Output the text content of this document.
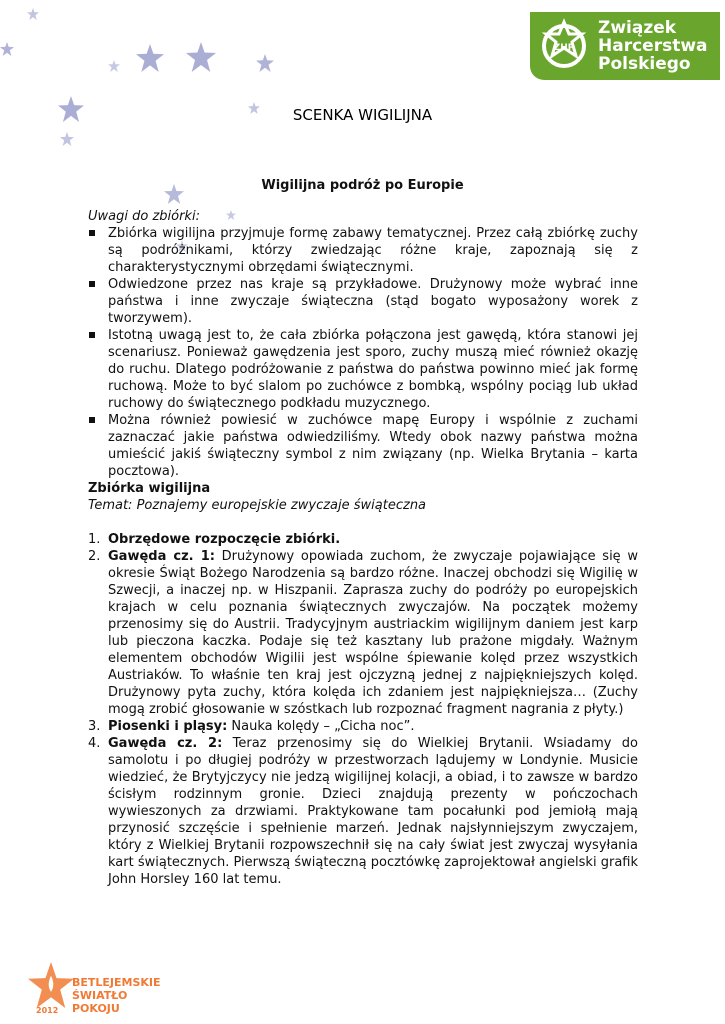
ZHP
Związek
Harcerstwa
Polskiego
SCENKA WIGILIJNA
Wigilijna podróż po Europie

Uwagi do zbiórki:

Zbiórka wigilijna przyjmuje formę zabawy tematycznej. Przez całą zbiórkę zuchy są podróżnikami, którzy zwiedzając różne kraje, zapoznają się z charakterystycznymi obrzędami świątecznymi.
Odwiedzone przez nas kraje są przykładowe. Drużynowy może wybrać inne państwa i inne zwyczaje świąteczna (stąd bogato wyposażony worek z tworzywem).
Istotną uwagą jest to, że cała zbiórka połączona jest gawędą, która stanowi jej scenariusz. Ponieważ gawędzenia jest sporo, zuchy muszą mieć również okazję do ruchu. Dlatego podróżowanie z państwa do państwa powinno mieć jak formę ruchową. Może to być slalom po zuchówce z bombką, wspólny pociąg lub układ ruchowy do świątecznego podkładu muzycznego.
Można również powiesić w zuchówce mapę Europy i wspólnie z zuchami zaznaczać jakie państwa odwiedziliśmy. Wtedy obok nazwy państwa można umieścić jakiś świąteczny symbol z nim związany (np. Wielka Brytania – karta pocztowa).

Zbiórka wigilijna

Temat: Poznajemy europejskie zwyczaje świąteczna

1. Obrzędowe rozpoczęcie zbiórki.
2. Gawęda cz. 1: Drużynowy opowiada zuchom, że zwyczaje pojawiające się w okresie Świąt Bożego Narodzenia są bardzo różne. Inaczej obchodzi się Wigilię w Szwecji, a inaczej np. w Hiszpanii. Zaprasza zuchy do podróży po europejskich krajach w celu poznania świątecznych zwyczajów. Na początek możemy przenosimy się do Austrii. Tradycyjnym austriackim wigilijnym daniem jest karp lub pieczona kaczka. Podaje się też kasztany lub prażone migdały. Ważnym elementem obchodów Wigilii jest wspólne śpiewanie kolęd przez wszystkich Austriaków. To właśnie ten kraj jest ojczyzną jednej z najpiękniejszych kolęd. Drużynowy pyta zuchy, która kolęda ich zdaniem jest najpiękniejsza… (Zuchy mogą zrobić głosowanie w szóstkach lub rozpoznać fragment nagrania z płyty.)
3. Piosenki i pląsy: Nauka kolędy – „Cicha noc”.
4. Gawęda cz. 2: Teraz przenosimy się do Wielkiej Brytanii. Wsiadamy do samolotu i po długiej podróży w przestworzach lądujemy w Londynie. Musicie wiedzieć, że Brytyjczycy nie jedzą wigilijnej kolacji, a obiad, i to zawsze w bardzo ścisłym rodzinnym gronie. Dzieci znajdują prezenty w pończochach wywieszonych za drzwiami. Praktykowane tam pocałunki pod jemiołą mają przynosić szczęście i spełnienie marzeń. Jednak najsłynniejszym zwyczajem, który z Wielkiej Brytanii rozpowszechnił się na cały świat jest zwyczaj wysyłania kart świątecznych. Pierwszą świąteczną pocztówkę zaprojektował angielski grafik John Horsley 160 lat temu.
BETLEJEMSKIE
ŚWIATŁO
POKOJU
2012
